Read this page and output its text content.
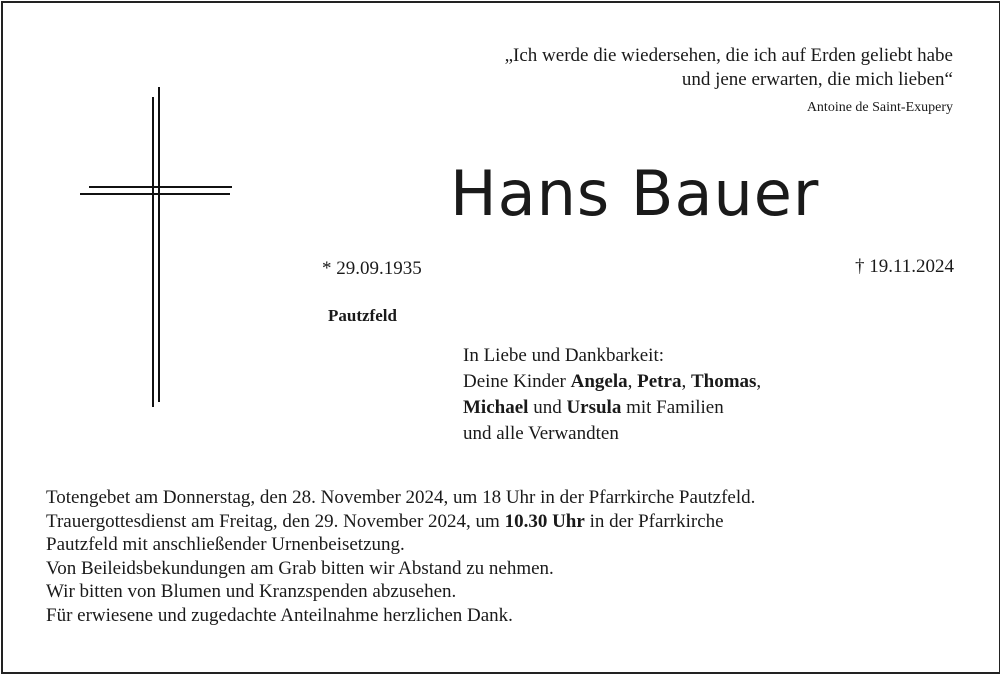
„Ich werde die wiedersehen, die ich auf Erden geliebt habe
und jene erwarten, die mich lieben“
Antoine de Saint-Exupery
Hans Bauer
* 29.09.1935	† 19.11.2024
Pautzfeld
In Liebe und Dankbarkeit:
Deine Kinder Angela, Petra, Thomas,
Michael und Ursula mit Familien
und alle Verwandten
Totengebet am Donnerstag, den 28. November 2024, um 18 Uhr in der Pfarrkirche Pautzfeld.
Trauergottesdienst am Freitag, den 29. November 2024, um 10.30 Uhr in der Pfarrkirche
Pautzfeld mit anschließender Urnenbeisetzung.
Von Beileidsbekundungen am Grab bitten wir Abstand zu nehmen.
Wir bitten von Blumen und Kranzspenden abzusehen.
Für erwiesene und zugedachte Anteilnahme herzlichen Dank.
